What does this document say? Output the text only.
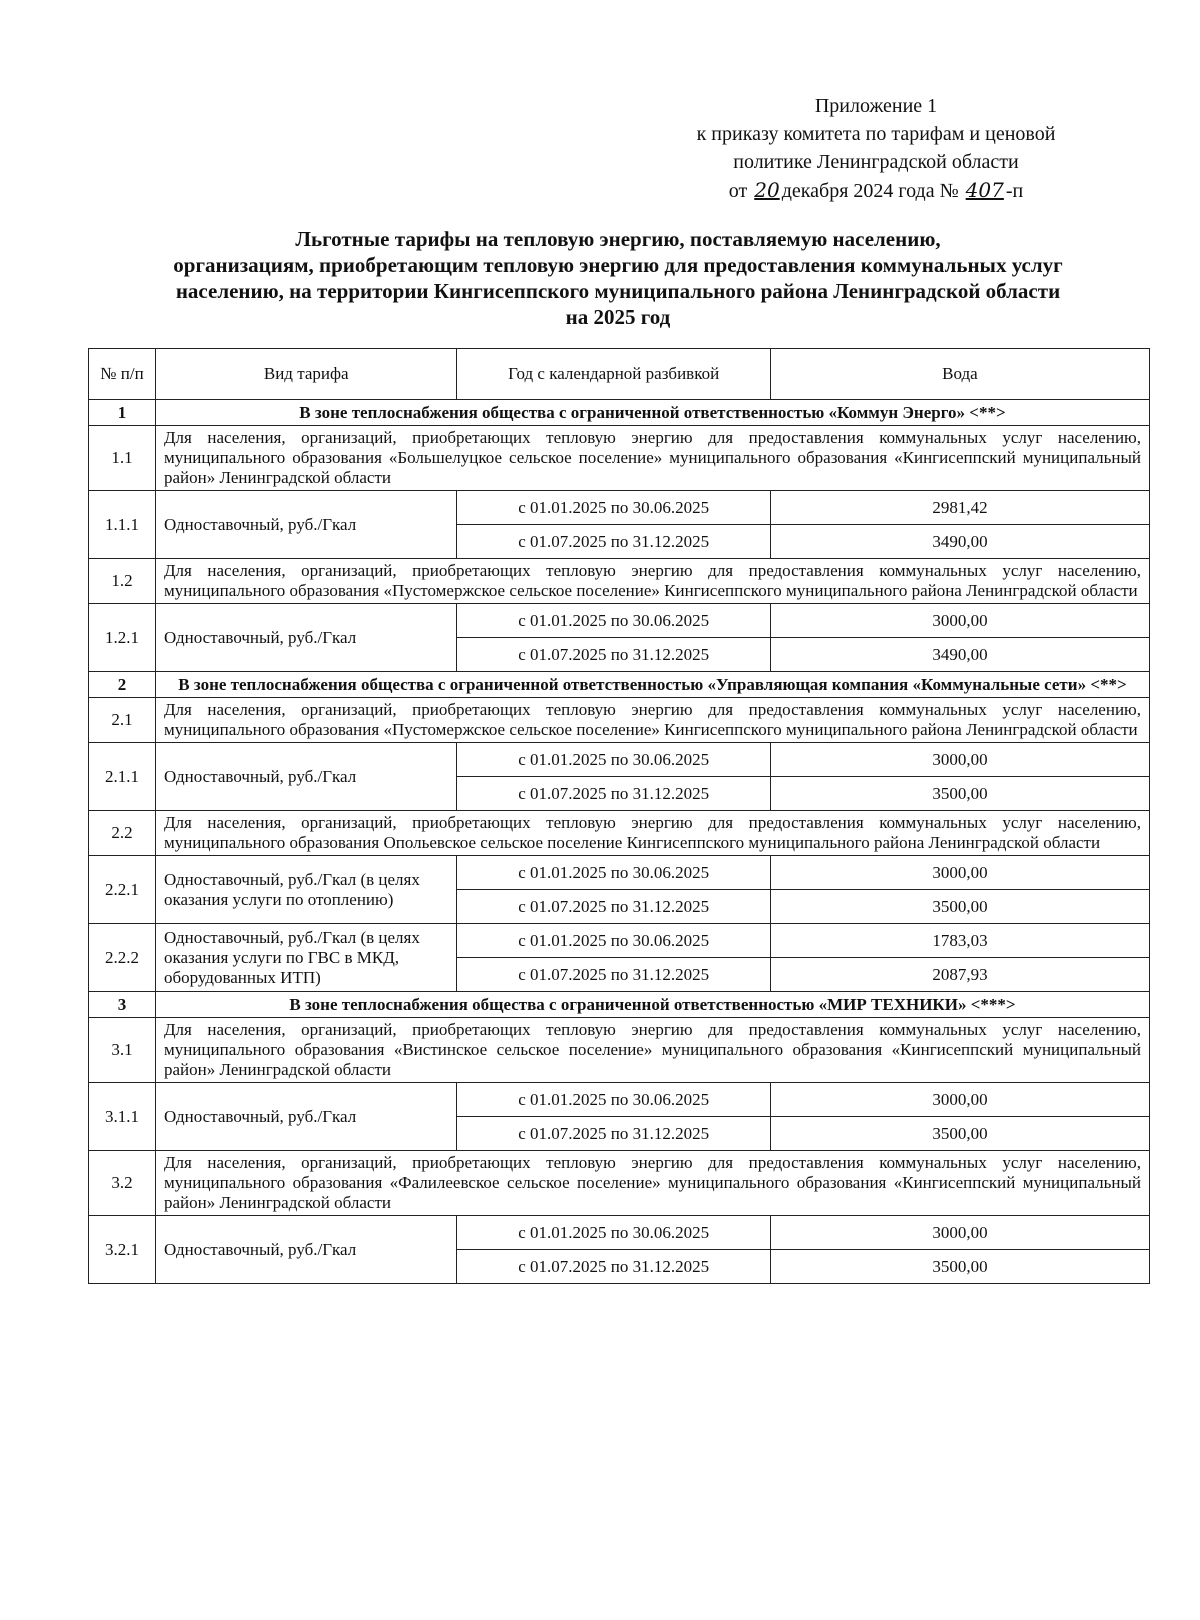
Приложение 1
к приказу комитета по тарифам и ценовой
политике Ленинградской области
от 20 декабря 2024 года № 407 -п
Льготные тарифы на тепловую энергию, поставляемую населению,
организациям, приобретающим тепловую энергию для предоставления коммунальных услуг
населению, на территории Кингисеппского муниципального района Ленинградской области
на 2025 год
№ п/п	Вид тарифа	Год с календарной разбивкой	Вода
1	В зоне теплоснабжения общества с ограниченной ответственностью «Коммун Энерго» <**>		
1.1	Для населения, организаций, приобретающих тепловую энергию для предоставления коммунальных услуг населению, муниципального образования «Большелуцкое сельское поселение» муниципального образования «Кингисеппский муниципальный район» Ленинградской области		
1.1.1	Одноставочный, руб./Гкал	с 01.01.2025 по 30.06.2025	2981,42
		с 01.07.2025 по 31.12.2025	3490,00
1.2	Для населения, организаций, приобретающих тепловую энергию для предоставления коммунальных услуг населению, муниципального образования «Пустомержское сельское поселение» Кингисеппского муниципального района Ленинградской области		
1.2.1	Одноставочный, руб./Гкал	с 01.01.2025 по 30.06.2025	3000,00
		с 01.07.2025 по 31.12.2025	3490,00
2	В зоне теплоснабжения общества с ограниченной ответственностью «Управляющая компания «Коммунальные сети» <**>		
2.1	Для населения, организаций, приобретающих тепловую энергию для предоставления коммунальных услуг населению, муниципального образования «Пустомержское сельское поселение» Кингисеппского муниципального района Ленинградской области		
2.1.1	Одноставочный, руб./Гкал	с 01.01.2025 по 30.06.2025	3000,00
		с 01.07.2025 по 31.12.2025	3500,00
2.2	Для населения, организаций, приобретающих тепловую энергию для предоставления коммунальных услуг населению, муниципального образования Опольевское сельское поселение Кингисеппского муниципального района Ленинградской области		
2.2.1	Одноставочный, руб./Гкал (в целях оказания услуги по отоплению)	с 01.01.2025 по 30.06.2025	3000,00
		с 01.07.2025 по 31.12.2025	3500,00
2.2.2	Одноставочный, руб./Гкал (в целях оказания услуги по ГВС в МКД, оборудованных ИТП)	с 01.01.2025 по 30.06.2025	1783,03
		с 01.07.2025 по 31.12.2025	2087,93
3	В зоне теплоснабжения общества с ограниченной ответственностью «МИР ТЕХНИКИ» <***>		
3.1	Для населения, организаций, приобретающих тепловую энергию для предоставления коммунальных услуг населению, муниципального образования «Вистинское сельское поселение» муниципального образования «Кингисеппский муниципальный район» Ленинградской области		
3.1.1	Одноставочный, руб./Гкал	с 01.01.2025 по 30.06.2025	3000,00
		с 01.07.2025 по 31.12.2025	3500,00
3.2	Для населения, организаций, приобретающих тепловую энергию для предоставления коммунальных услуг населению, муниципального образования «Фалилеевское сельское поселение» муниципального образования «Кингисеппский муниципальный район» Ленинградской области		
3.2.1	Одноставочный, руб./Гкал	с 01.01.2025 по 30.06.2025	3000,00
		с 01.07.2025 по 31.12.2025	3500,00
